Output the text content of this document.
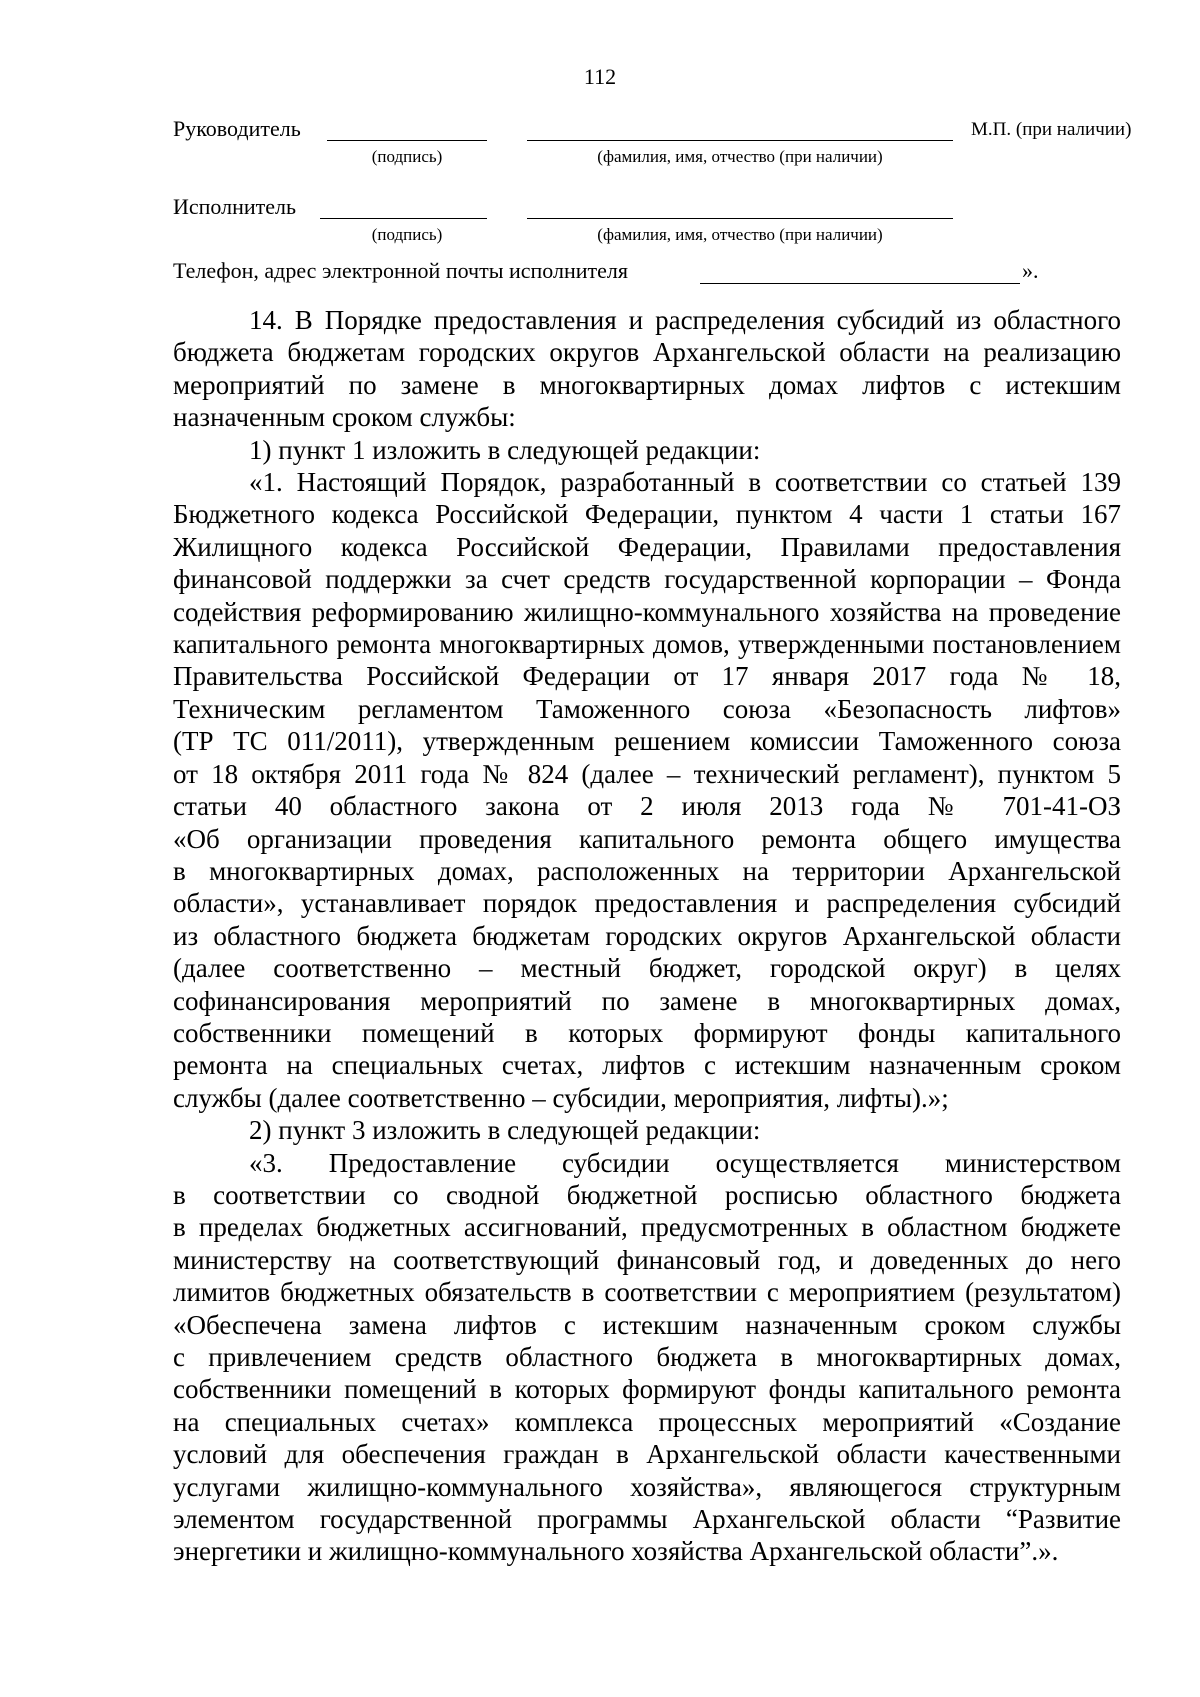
112
Руководитель	М.П. (при наличии)
(подпись)	(фамилия, имя, отчество (при наличии)
Исполнитель
(подпись)	(фамилия, имя, отчество (при наличии)
Телефон, адрес электронной почты исполнителя	».
14. В Порядке предоставления и распределения субсидий из областного
бюджета бюджетам городских округов Архангельской области на реализацию
мероприятий по замене в многоквартирных домах лифтов с истекшим
назначенным сроком службы:
1) пункт 1 изложить в следующей редакции:
«1. Настоящий Порядок, разработанный в соответствии со статьей 139
Бюджетного кодекса Российской Федерации, пунктом 4 части 1 статьи 167
Жилищного кодекса Российской Федерации, Правилами предоставления
финансовой поддержки за счет средств государственной корпорации – Фонда
содействия реформированию жилищно-коммунального хозяйства на проведение
капитального ремонта многоквартирных домов, утвержденными постановлением
Правительства Российской Федерации от 17 января 2017 года № 18,
Техническим регламентом Таможенного союза «Безопасность лифтов»
(ТР ТС 011/2011), утвержденным решением комиссии Таможенного союза
от 18 октября 2011 года № 824 (далее – технический регламент), пунктом 5
статьи 40 областного закона от 2 июля 2013 года № 701-41-ОЗ
«Об организации проведения капитального ремонта общего имущества
в многоквартирных домах, расположенных на территории Архангельской
области», устанавливает порядок предоставления и распределения субсидий
из областного бюджета бюджетам городских округов Архангельской области
(далее соответственно – местный бюджет, городской округ) в целях
софинансирования мероприятий по замене в многоквартирных домах,
собственники помещений в которых формируют фонды капитального
ремонта на специальных счетах, лифтов с истекшим назначенным сроком
службы (далее соответственно – субсидии, мероприятия, лифты).»;
2) пункт 3 изложить в следующей редакции:
«3. Предоставление субсидии осуществляется министерством
в соответствии со сводной бюджетной росписью областного бюджета
в пределах бюджетных ассигнований, предусмотренных в областном бюджете
министерству на соответствующий финансовый год, и доведенных до него
лимитов бюджетных обязательств в соответствии с мероприятием (результатом)
«Обеспечена замена лифтов с истекшим назначенным сроком службы
с привлечением средств областного бюджета в многоквартирных домах,
собственники помещений в которых формируют фонды капитального ремонта
на специальных счетах» комплекса процессных мероприятий «Создание
условий для обеспечения граждан в Архангельской области качественными
услугами жилищно-коммунального хозяйства», являющегося структурным
элементом государственной программы Архангельской области “Развитие
энергетики и жилищно-коммунального хозяйства Архангельской области”.».
